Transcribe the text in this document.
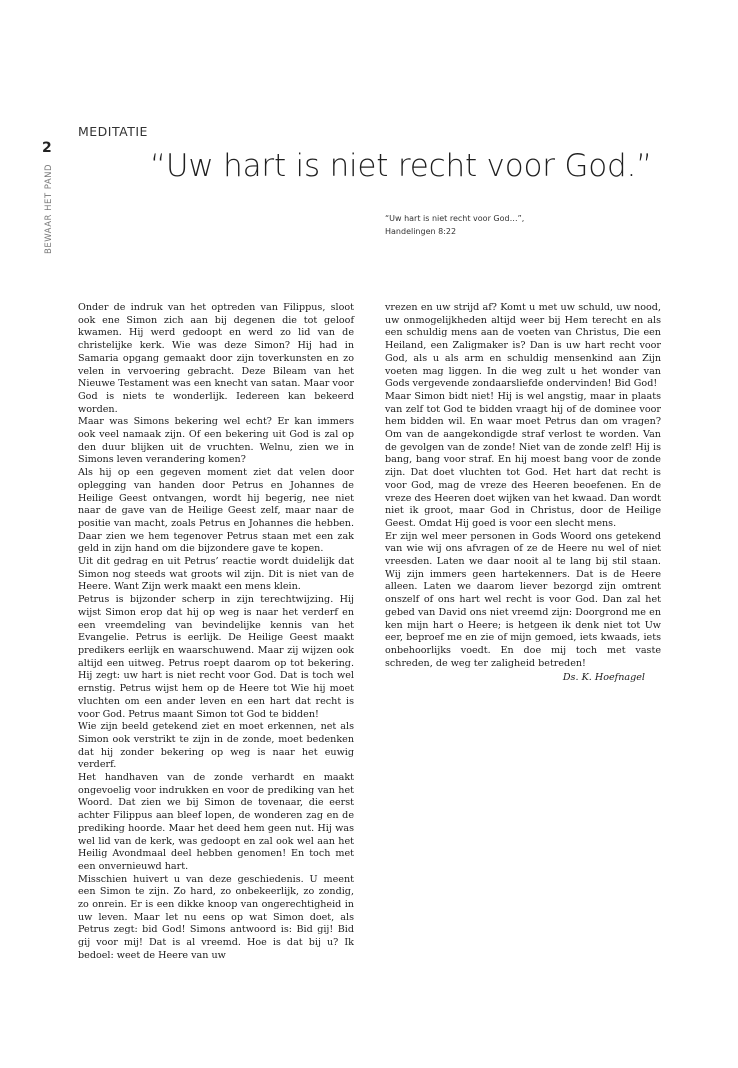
2
BEWAAR HET PAND
MEDITATIE
“Uw hart is niet recht voor God.”
“Uw hart is niet recht voor God…”,
Handelingen 8:22

Onder de indruk van het optreden van Filippus, sloot ook ene Simon zich aan bij degenen die tot geloof kwamen. Hij werd gedoopt en werd zo lid van de christelijke kerk. Wie was deze Simon? Hij had in Samaria opgang gemaakt door zijn toverkunsten en zo velen in vervoering gebracht. Deze Bileam van het Nieuwe Testament was een knecht van satan. Maar voor God is niets te wonderlijk. Iedereen kan bekeerd worden.

Maar was Simons bekering wel echt? Er kan immers ook veel namaak zijn. Of een bekering uit God is zal op den duur blijken uit de vruchten. Welnu, zien we in Simons leven verandering komen?

Als hij op een gegeven moment ziet dat velen door oplegging van handen door Petrus en Johannes de Heilige Geest ontvangen, wordt hij begerig, nee niet naar de gave van de Heilige Geest zelf, maar naar de positie van macht, zoals Petrus en Johannes die hebben. Daar zien we hem tegenover Petrus staan met een zak geld in zijn hand om die bijzondere gave te kopen.

Uit dit gedrag en uit Petrus’ reactie wordt duidelijk dat Simon nog steeds wat groots wil zijn. Dit is niet van de Heere. Want Zijn werk maakt een mens klein.

Petrus is bijzonder scherp in zijn terechtwijzing. Hij wijst Simon erop dat hij op weg is naar het verderf en een vreemdeling van bevindelijke kennis van het Evangelie. Petrus is eerlijk. De Heilige Geest maakt predikers eerlijk en waarschuwend. Maar zij wijzen ook altijd een uitweg. Petrus roept daarom op tot bekering. Hij zegt: uw hart is niet recht voor God. Dat is toch wel ernstig. Petrus wijst hem op de Heere tot Wie hij moet vluchten om een ander leven en een hart dat recht is voor God. Petrus maant Simon tot God te bidden!

Wie zijn beeld getekend ziet en moet erkennen, net als Simon ook verstrikt te zijn in de zonde, moet bedenken dat hij zonder bekering op weg is naar het euwig verderf.

Het handhaven van de zonde verhardt en maakt ongevoelig voor indrukken en voor de prediking van het Woord. Dat zien we bij Simon de tovenaar, die eerst achter Filippus aan bleef lopen, de wonderen zag en de prediking hoorde. Maar het deed hem geen nut. Hij was wel lid van de kerk, was gedoopt en zal ook wel aan het Heilig Avondmaal deel hebben genomen! En toch met een onvernieuwd hart.

Misschien huivert u van deze geschiedenis. U meent een Simon te zijn. Zo hard, zo onbekeerlijk, zo zondig, zo onrein. Er is een dikke knoop van ongerechtigheid in uw leven. Maar let nu eens op wat Simon doet, als Petrus zegt: bid God! Simons antwoord is: Bid gij! Bid gij voor mij! Dat is al vreemd. Hoe is dat bij u? Ik bedoel: weet de Heere van uw

vrezen en uw strijd af? Komt u met uw schuld, uw nood, uw onmogelijkheden altijd weer bij Hem terecht en als een schuldig mens aan de voeten van Christus, Die een Heiland, een Zaligmaker is? Dan is uw hart recht voor God, als u als arm en schuldig mensenkind aan Zijn voeten mag liggen. In die weg zult u het wonder van Gods vergevende zondaarsliefde ondervinden! Bid God!

Maar Simon bidt niet! Hij is wel angstig, maar in plaats van zelf tot God te bidden vraagt hij of de dominee voor hem bidden wil. En waar moet Petrus dan om vragen? Om van de aangekondigde straf verlost te worden. Van de gevolgen van de zonde! Niet van de zonde zelf! Hij is bang, bang voor straf. En hij moest bang voor de zonde zijn. Dat doet vluchten tot God. Het hart dat recht is voor God, mag de vreze des Heeren beoefenen. En de vreze des Heeren doet wijken van het kwaad. Dan wordt niet ik groot, maar God in Christus, door de Heilige Geest. Omdat Hij goed is voor een slecht mens.

Er zijn wel meer personen in Gods Woord ons getekend van wie wij ons afvragen of ze de Heere nu wel of niet vreesden. Laten we daar nooit al te lang bij stil staan. Wij zijn immers geen hartekenners. Dat is de Heere alleen. Laten we daarom liever bezorgd zijn omtrent onszelf of ons hart wel recht is voor God. Dan zal het gebed van David ons niet vreemd zijn: Doorgrond me en ken mijn hart o Heere; is hetgeen ik denk niet tot Uw eer, beproef me en zie of mijn gemoed, iets kwaads, iets onbehoorlijks voedt. En doe mij toch met vaste schreden, de weg ter zaligheid betreden!

Ds. K. Hoefnagel
